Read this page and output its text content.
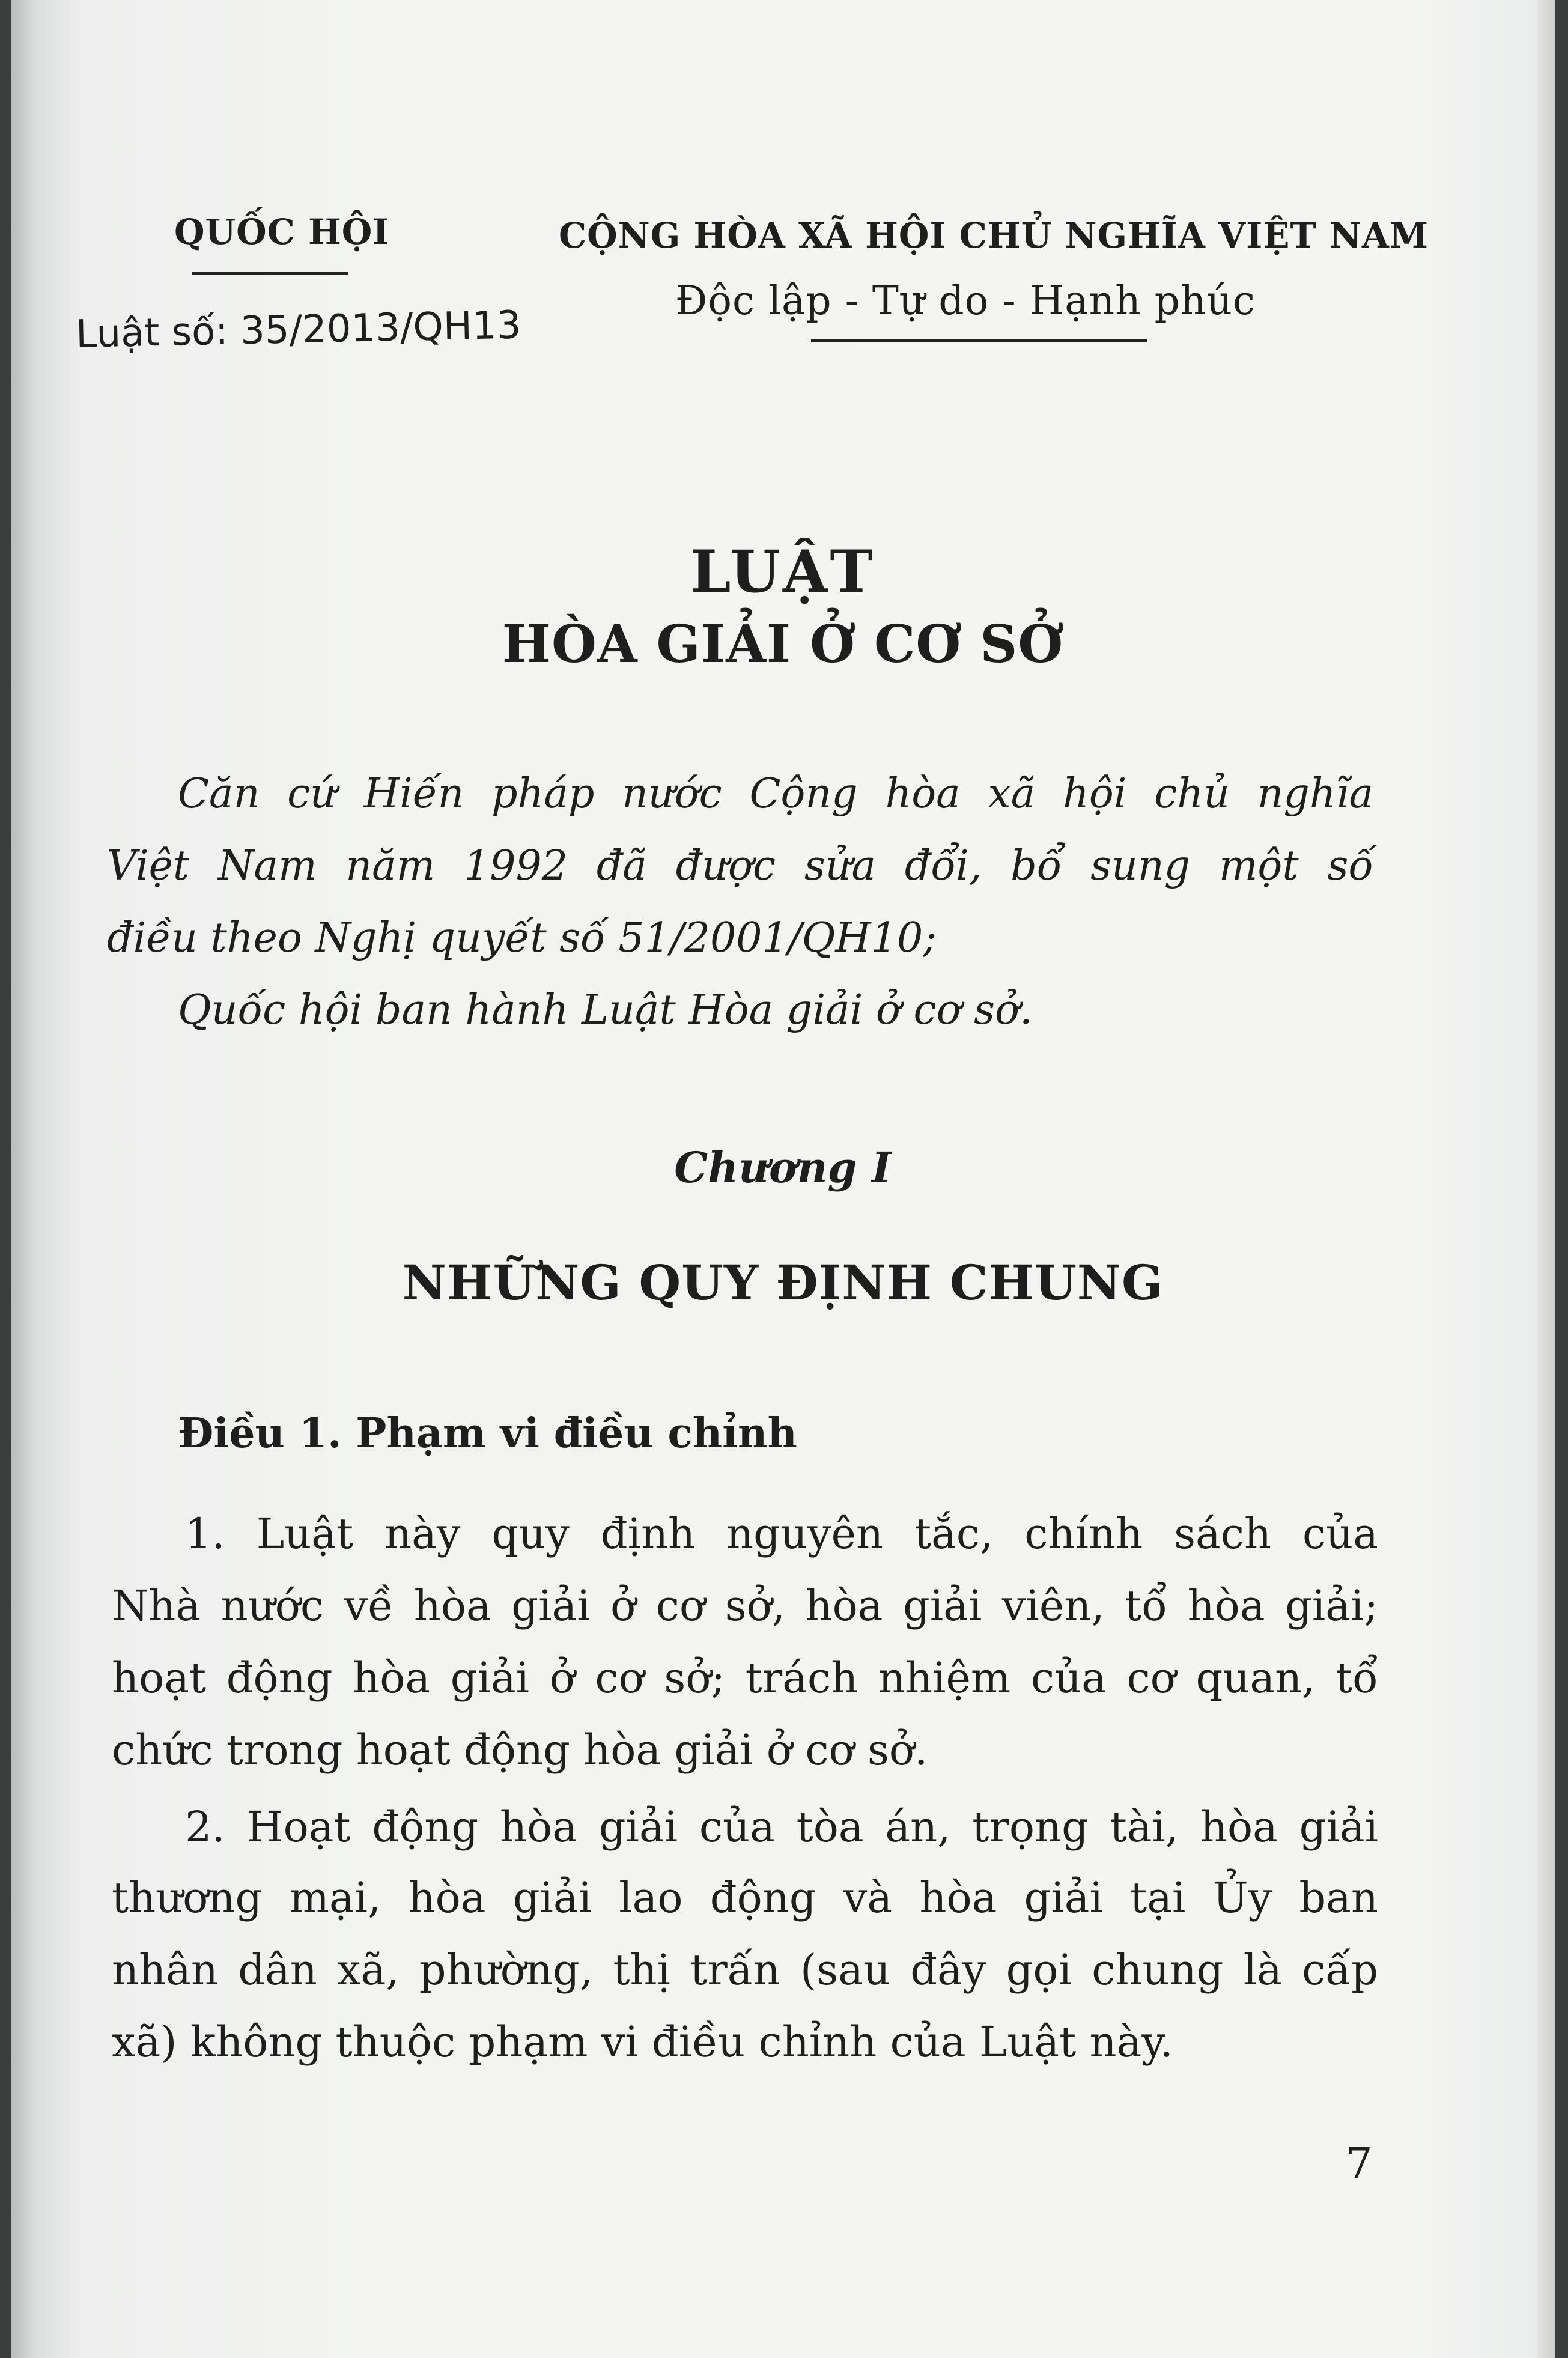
QUỐC HỘI	CỘNG HÒA XÃ HỘI CHỦ NGHĨA VIỆT NAM
Độc lập - Tự do - Hạnh phúc
Luật số: 35/2013/QH13
LUẬT
HÒA GIẢI Ở CƠ SỞ
Căn cứ Hiến pháp nước Cộng hòa xã hội chủ nghĩa
Việt Nam năm 1992 đã được sửa đổi, bổ sung một số
điều theo Nghị quyết số 51/2001/QH10;
Quốc hội ban hành Luật Hòa giải ở cơ sở.
Chương I
NHỮNG QUY ĐỊNH CHUNG
Điều 1. Phạm vi điều chỉnh
1. Luật này quy định nguyên tắc, chính sách của
Nhà nước về hòa giải ở cơ sở, hòa giải viên, tổ hòa giải;
hoạt động hòa giải ở cơ sở; trách nhiệm của cơ quan, tổ
chức trong hoạt động hòa giải ở cơ sở.
2. Hoạt động hòa giải của tòa án, trọng tài, hòa giải
thương mại, hòa giải lao động và hòa giải tại Ủy ban
nhân dân xã, phường, thị trấn (sau đây gọi chung là cấp
xã) không thuộc phạm vi điều chỉnh của Luật này.
7
